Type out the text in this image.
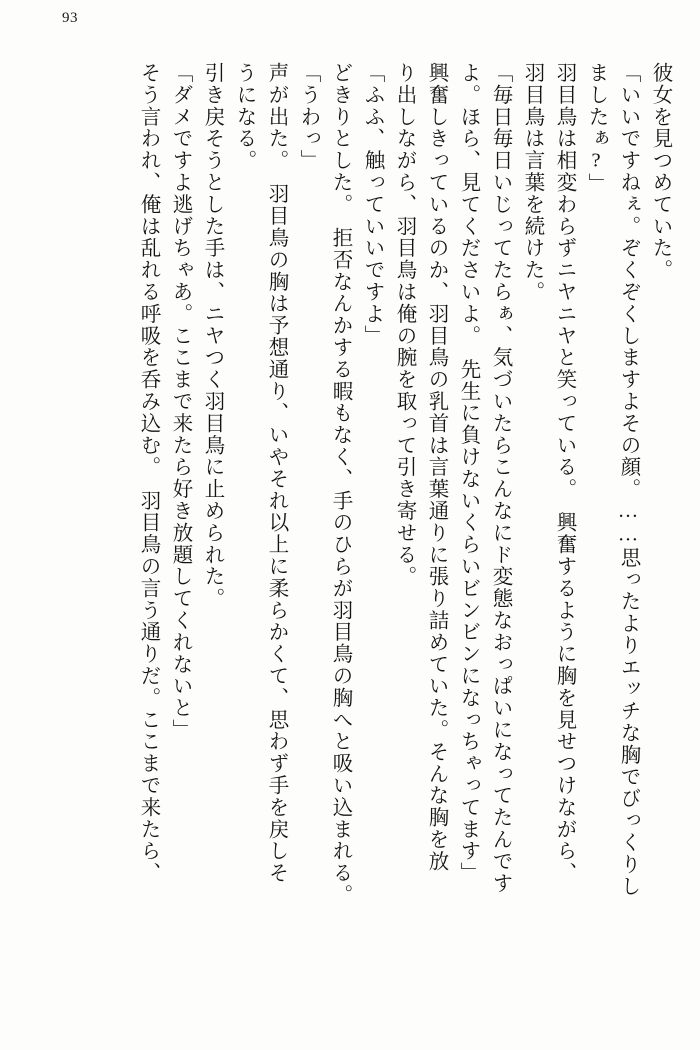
93
彼女を見つめていた。
「いいですねぇ。ぞくぞくしますよその顔。……思ったよりエッチな胸でびっくりし
ましたぁ?」
羽目鳥は相変わらずニヤニヤと笑っている。　興奮するように胸を見せつけながら、
羽目鳥は言葉を続けた。
「毎日毎日いじってたらぁ、気づいたらこんなにド変態なおっぱいになってたんです
よ。ほら、見てくださいよ。　先生に負けないくらいビンビンになっちゃってます」
興奮しきっているのか、羽目鳥の乳首は言葉通りに張り詰めていた。そんな胸を放
り出しながら、羽目鳥は俺の腕を取って引き寄せる。
「ふふ、触っていいですよ」
どきりとした。　拒否なんかする暇もなく、手のひらが羽目鳥の胸へと吸い込まれる。
「うわっ」
声が出た。　羽目鳥の胸は予想通り、いやそれ以上に柔らかくて、思わず手を戻しそ
うになる。
引き戻そうとした手は、ニヤつく羽目鳥に止められた。
「ダメですよ逃げちゃあ。ここまで来たら好き放題してくれないと」
そう言われ、俺は乱れる呼吸を呑み込む。　羽目鳥の言う通りだ。ここまで来たら、
